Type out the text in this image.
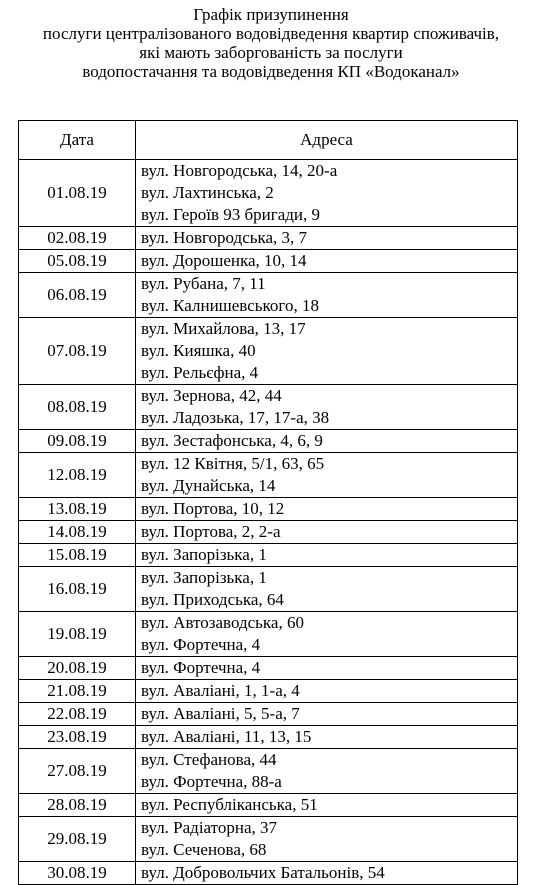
Графік призупинення
послуги централізованого водовідведення квартир споживачів,
які мають заборгованість за послуги
водопостачання та водовідведення КП «Водоканал»
Дата	Адреса
01.08.19	вул. Новгородська, 14, 20-а
вул. Лахтинська, 2
вул. Героїв 93 бригади, 9

02.08.19	вул. Новгородська, 3, 7

05.08.19	вул. Дорошенка, 10, 14

06.08.19	вул. Рубана, 7, 11
вул. Калнишевського, 18

07.08.19	вул. Михайлова, 13, 17
вул. Кияшка, 40
вул. Рельєфна, 4

08.08.19	вул. Зернова, 42, 44
вул. Ладозька, 17, 17-а, 38

09.08.19	вул. Зестафонська, 4, 6, 9

12.08.19	вул. 12 Квітня, 5/1, 63, 65
вул. Дунайська, 14

13.08.19	вул. Портова, 10, 12

14.08.19	вул. Портова, 2, 2-а

15.08.19	вул. Запорізька, 1

16.08.19	вул. Запорізька, 1
вул. Приходська, 64

19.08.19	вул. Автозаводська, 60
вул. Фортечна, 4

20.08.19	вул. Фортечна, 4

21.08.19	вул. Аваліані, 1, 1-а, 4

22.08.19	вул. Аваліані, 5, 5-а, 7

23.08.19	вул. Аваліані, 11, 13, 15

27.08.19	вул. Стефанова, 44
вул. Фортечна, 88-а

28.08.19	вул. Республіканська, 51

29.08.19	вул. Радіаторна, 37
вул. Сеченова, 68

30.08.19	вул. Добровольчих Батальонів, 54
